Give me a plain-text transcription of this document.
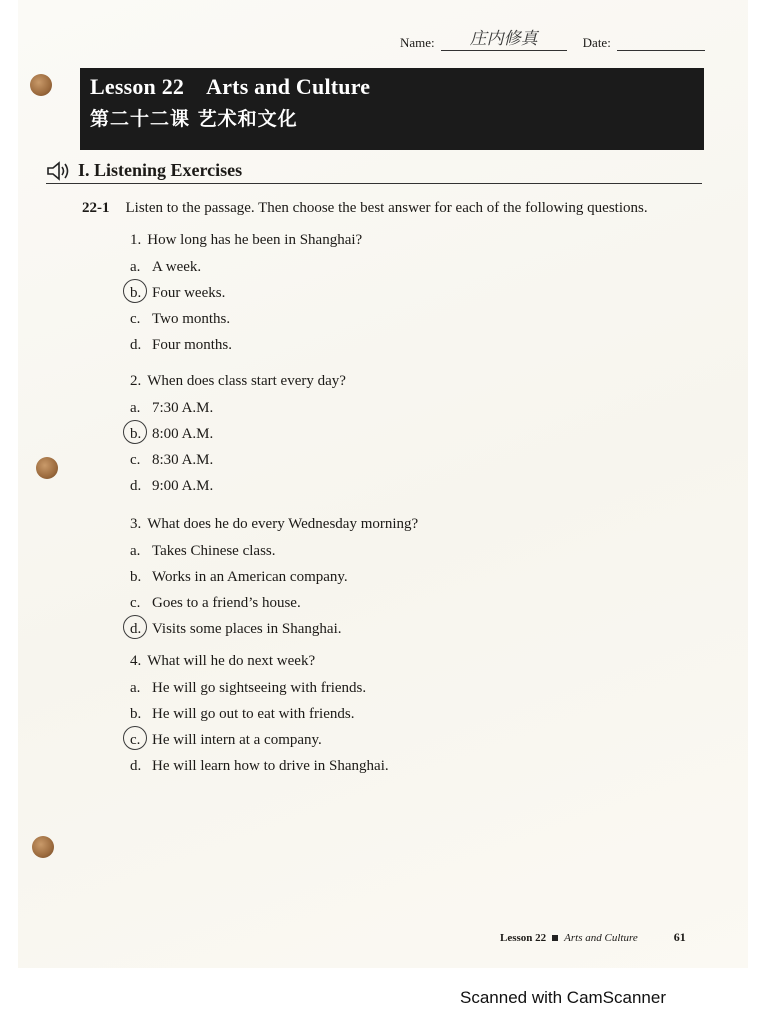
Name:	庄内修真	Date:
Lesson 22 Arts and Culture
第二十二课 艺术和文化
I. Listening Exercises
22-1 Listen to the passage. Then choose the best answer for each of the following questions.
1. How long has he been in Shanghai?
a. A week.
b. Four weeks.
c. Two months.
d. Four months.
2. When does class start every day?
a. 7:30 A.M.
b. 8:00 A.M.
c. 8:30 A.M.
d. 9:00 A.M.
3. What does he do every Wednesday morning?
a. Takes Chinese class.
b. Works in an American company.
c. Goes to a friend’s house.
d. Visits some places in Shanghai.
4. What will he do next week?
a. He will go sightseeing with friends.
b. He will go out to eat with friends.
c. He will intern at a company.
d. He will learn how to drive in Shanghai.
Lesson 22 Arts and Culture	61
Scanned with CamScanner
